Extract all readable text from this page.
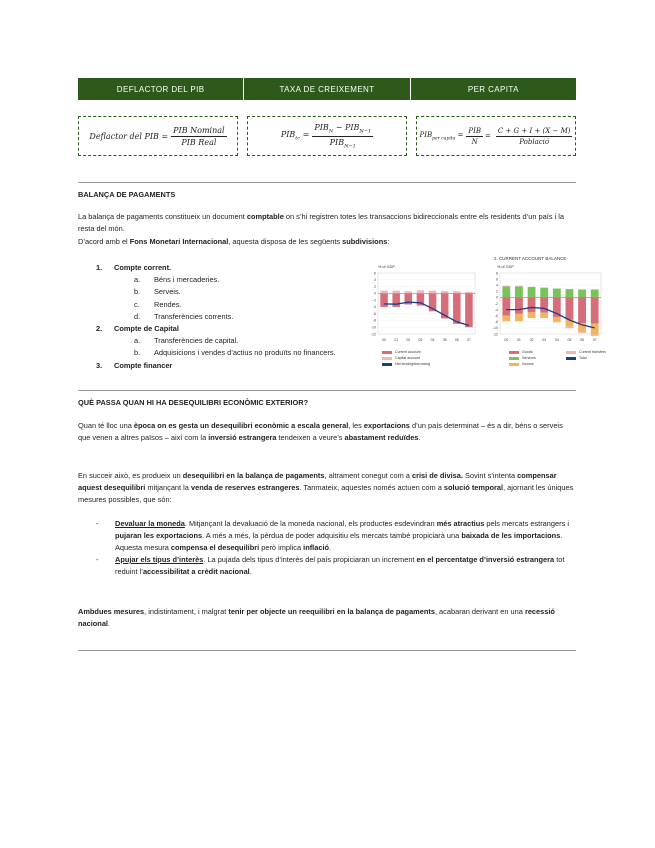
DEFLACTOR DEL PIB	TAXA DE CREIXEMENT	PER CAPITA
Deflactor del PIB = $\frac{\text{PIB Nominal}}{\text{PIB Real}}$	$PIB_{tc} = \frac{PIB_N - PIB_{N-1}}{PIB_{N-1}}$	$PIB_{per capita} = \frac{\text{PIB}}{N} = \frac{C + G + I + (X - M)}{\text{Població}}$
BALANÇA DE PAGAMENTS
La balança de pagaments constitueix un document comptable on s’hi registren totes les transaccions bidireccionals entre els residents d’un país i la resta del món.
D’acord amb el Fons Monetari Internacional, aquesta disposa de les següents subdivisions:
1. Compte corrent.
a. Béns i mercaderies.
b. Serveis.
c. Rendes.
d. Transferències corrents.
2. Compte de Capital
a. Transferències de capital.
b. Adquisicions i vendes d’actius no produïts no financers.
3. Compte financer
2. CURRENT ACCOUNT BALANCE
% of GDP	% of GDP
-12
-10
-8
-6
-4
-2
0
2
4
6
00 01 02 03 04 05 06 07
-12
-10
-8
-6
-4
-2
0
2
4
6
8
00 01 02 03 04 05 06 07
Current account
Capital account
Net lending/borrowing
Goods
Services
Income
Current transfers
Total
QUÈ PASSA QUAN HI HA DESEQUILIBRI ECONÒMIC EXTERIOR?
Quan té lloc una època on es gesta un desequilibri econòmic a escala general, les exportacions d’un país determinat – és a dir, béns o serveis que venen a altres països – així com la inversió estrangera tendeixen a veure’s abastament reduïdes.
En succeir això, es produeix un desequilibri en la balança de pagaments, altrament conegut com a crisi de divisa. Sovint s’intenta compensar aquest desequilibri mitjançant la venda de reserves estrangeres. Tanmateix, aquestes només actuen com a solució temporal, ajornant les úniques mesures possibles, que són:
- Devaluar la moneda. Mitjançant la devaluació de la moneda nacional, els productes esdevindran més atractius pels mercats estrangers i pujaran les exportacions. A més a més, la pèrdua de poder adquisitiu els mercats també propiciarà una baixada de les importacions. Aquesta mesura compensa el desequilibri però implica inflació.
- Apujar els tipus d’interès. La pujada dels tipus d’interès del país propiciaran un increment en el percentatge d’inversió estrangera tot reduint l’accessibilitat a crèdit nacional.
Ambdues mesures, indistintament, i malgrat tenir per objecte un reequilibri en la balança de pagaments, acabaran derivant en una recessió nacional.
